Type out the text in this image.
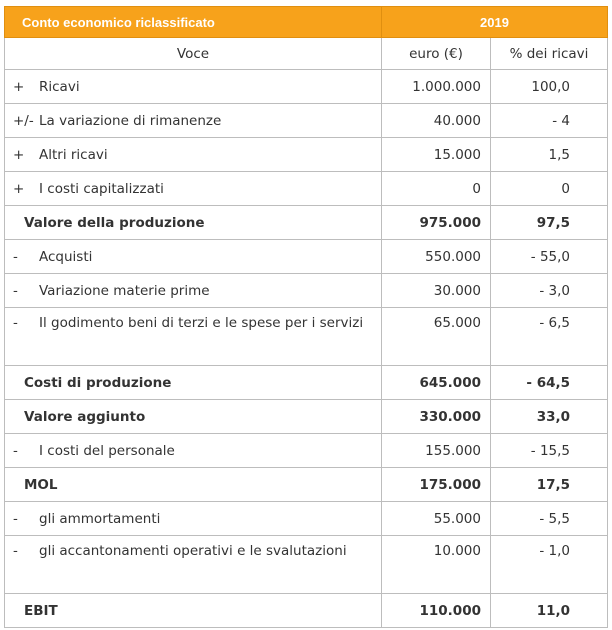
Conto economico riclassificato	2019	
Voce	euro (€)	% dei ricavi
+ Ricavi	1.000.000	100,0
+/- La variazione di rimanenze	40.000	- 4
+ Altri ricavi	15.000	1,5
+ I costi capitalizzati	0	0
Valore della produzione	975.000	97,5
- Acquisti	550.000	- 55,0
- Variazione materie prime	30.000	- 3,0

- Il godimento beni di terzi e le spese per i servizi	65.000	- 6,5
Costi di produzione	645.000	- 64,5
Valore aggiunto	330.000	33,0
- I costi del personale	155.000	- 15,5
MOL	175.000	17,5
- gli ammortamenti	55.000	- 5,5

- gli accantonamenti operativi e le svalutazioni	10.000	- 1,0
EBIT	110.000	11,0
